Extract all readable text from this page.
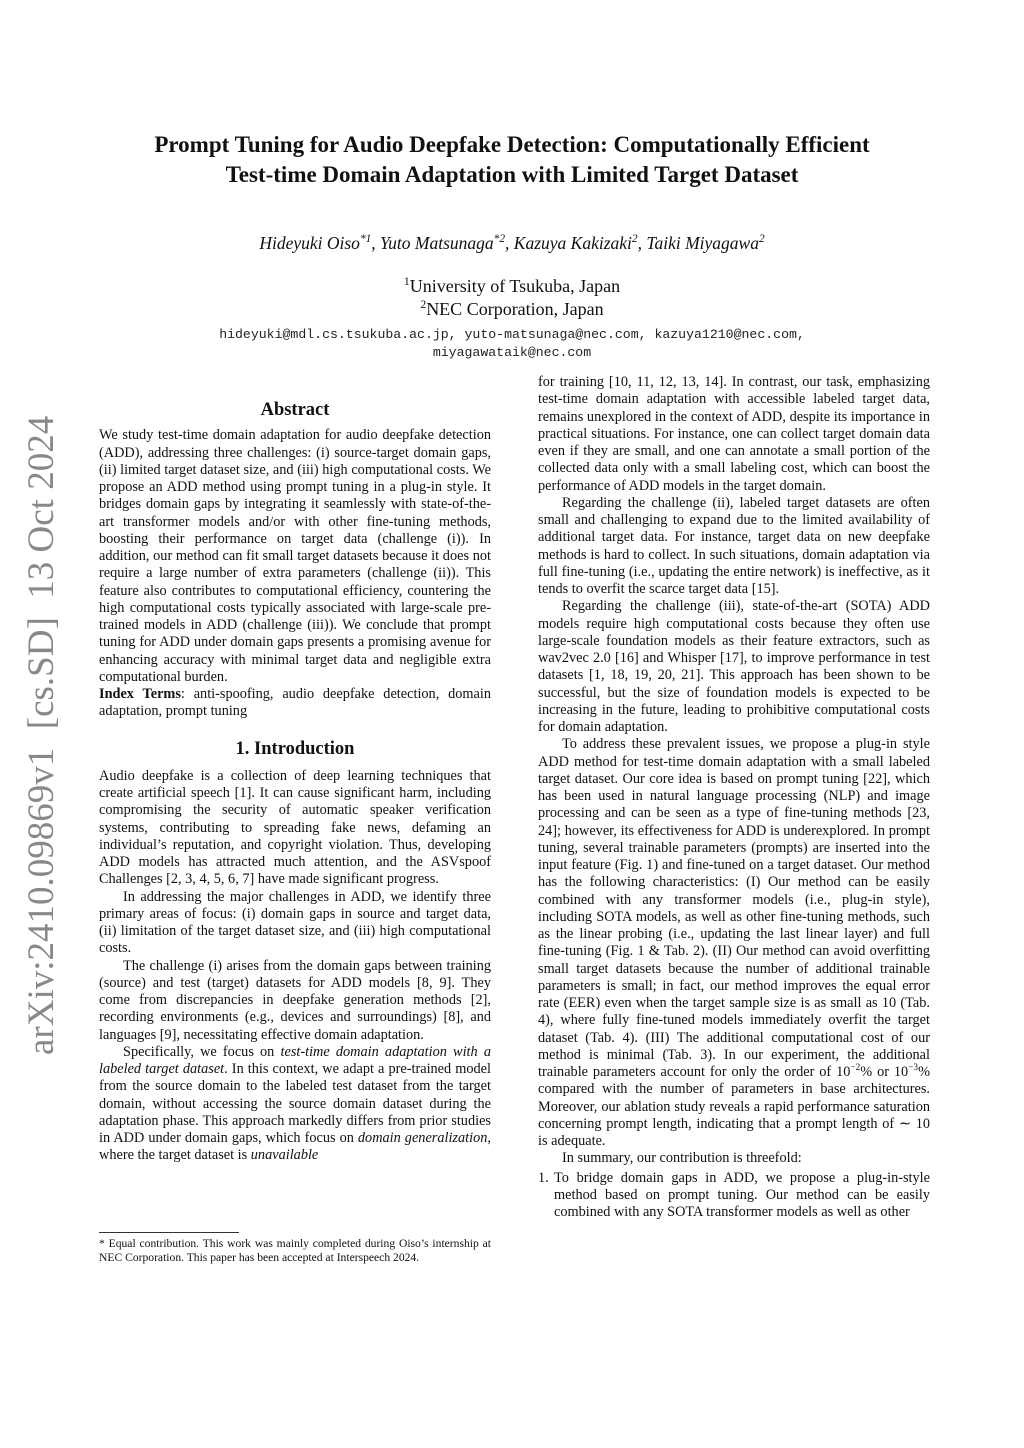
arXiv:2410.09869v1  [cs.SD]  13 Oct 2024
Prompt Tuning for Audio Deepfake Detection: Computationally Efficient
Test-time Domain Adaptation with Limited Target Dataset
Hideyuki Oiso$^{*1}$, Yuto Matsunaga$^{*2}$, Kazuya Kakizaki$^2$, Taiki Miyagawa$^2$
$^1$University of Tsukuba, Japan
$^2$NEC Corporation, Japan
hideyuki@mdl.cs.tsukuba.ac.jp, yuto-matsunaga@nec.com, kazuya1210@nec.com,
miyagawataik@nec.com
Abstract

We study test-time domain adaptation for audio deepfake detection (ADD), addressing three challenges: (i) source-target domain gaps, (ii) limited target dataset size, and (iii) high computational costs. We propose an ADD method using prompt tuning in a plug-in style. It bridges domain gaps by integrating it seamlessly with state-of-the-art transformer models and/or with other fine-tuning methods, boosting their performance on target data (challenge (i)). In addition, our method can fit small target datasets because it does not require a large number of extra parameters (challenge (ii)). This feature also contributes to computational efficiency, countering the high computational costs typically associated with large-scale pre-trained models in ADD (challenge (iii)). We conclude that prompt tuning for ADD under domain gaps presents a promising avenue for enhancing accuracy with minimal target data and negligible extra computational burden.

Index Terms: anti-spoofing, audio deepfake detection, domain adaptation, prompt tuning

1. Introduction

Audio deepfake is a collection of deep learning techniques that create artificial speech [1]. It can cause significant harm, including compromising the security of automatic speaker verification systems, contributing to spreading fake news, defaming an individual’s reputation, and copyright violation. Thus, developing ADD models has attracted much attention, and the ASVspoof Challenges [2, 3, 4, 5, 6, 7] have made significant progress.

In addressing the major challenges in ADD, we identify three primary areas of focus: (i) domain gaps in source and target data, (ii) limitation of the target dataset size, and (iii) high computational costs.

The challenge (i) arises from the domain gaps between training (source) and test (target) datasets for ADD models [8, 9]. They come from discrepancies in deepfake generation methods [2], recording environments (e.g., devices and surroundings) [8], and languages [9], necessitating effective domain adaptation.

Specifically, we focus on test-time domain adaptation with a labeled target dataset. In this context, we adapt a pre-trained model from the source domain to the labeled test dataset from the target domain, without accessing the source domain dataset during the adaptation phase. This approach markedly differs from prior studies in ADD under domain gaps, which focus on domain generalization, where the target dataset is unavailable

* Equal contribution. This work was mainly completed during Oiso’s internship at NEC Corporation. This paper has been accepted at Interspeech 2024.

for training [10, 11, 12, 13, 14]. In contrast, our task, emphasizing test-time domain adaptation with accessible labeled target data, remains unexplored in the context of ADD, despite its importance in practical situations. For instance, one can collect target domain data even if they are small, and one can annotate a small portion of the collected data only with a small labeling cost, which can boost the performance of ADD models in the target domain.

Regarding the challenge (ii), labeled target datasets are often small and challenging to expand due to the limited availability of additional target data. For instance, target data on new deepfake methods is hard to collect. In such situations, domain adaptation via full fine-tuning (i.e., updating the entire network) is ineffective, as it tends to overfit the scarce target data [15].

Regarding the challenge (iii), state-of-the-art (SOTA) ADD models require high computational costs because they often use large-scale foundation models as their feature extractors, such as wav2vec 2.0 [16] and Whisper [17], to improve performance in test datasets [1, 18, 19, 20, 21]. This approach has been shown to be successful, but the size of foundation models is expected to be increasing in the future, leading to prohibitive computational costs for domain adaptation.

To address these prevalent issues, we propose a plug-in style ADD method for test-time domain adaptation with a small labeled target dataset. Our core idea is based on prompt tuning [22], which has been used in natural language processing (NLP) and image processing and can be seen as a type of fine-tuning methods [23, 24]; however, its effectiveness for ADD is underexplored. In prompt tuning, several trainable parameters (prompts) are inserted into the input feature (Fig. 1) and fine-tuned on a target dataset. Our method has the following characteristics: (I) Our method can be easily combined with any transformer models (i.e., plug-in style), including SOTA models, as well as other fine-tuning methods, such as the linear probing (i.e., updating the last linear layer) and full fine-tuning (Fig. 1 & Tab. 2). (II) Our method can avoid overfitting small target datasets because the number of additional trainable parameters is small; in fact, our method improves the equal error rate (EER) even when the target sample size is as small as 10 (Tab. 4), where fully fine-tuned models immediately overfit the target dataset (Tab. 4). (III) The additional computational cost of our method is minimal (Tab. 3). In our experiment, the additional trainable parameters account for only the order of $10^{-2}\%$ or $10^{-3}\%$ compared with the number of parameters in base architectures. Moreover, our ablation study reveals a rapid performance saturation concerning prompt length, indicating that a prompt length of ∼ 10 is adequate.

In summary, our contribution is threefold:

1. To bridge domain gaps in ADD, we propose a plug-in-style method based on prompt tuning. Our method can be easily combined with any SOTA transformer models as well as other
